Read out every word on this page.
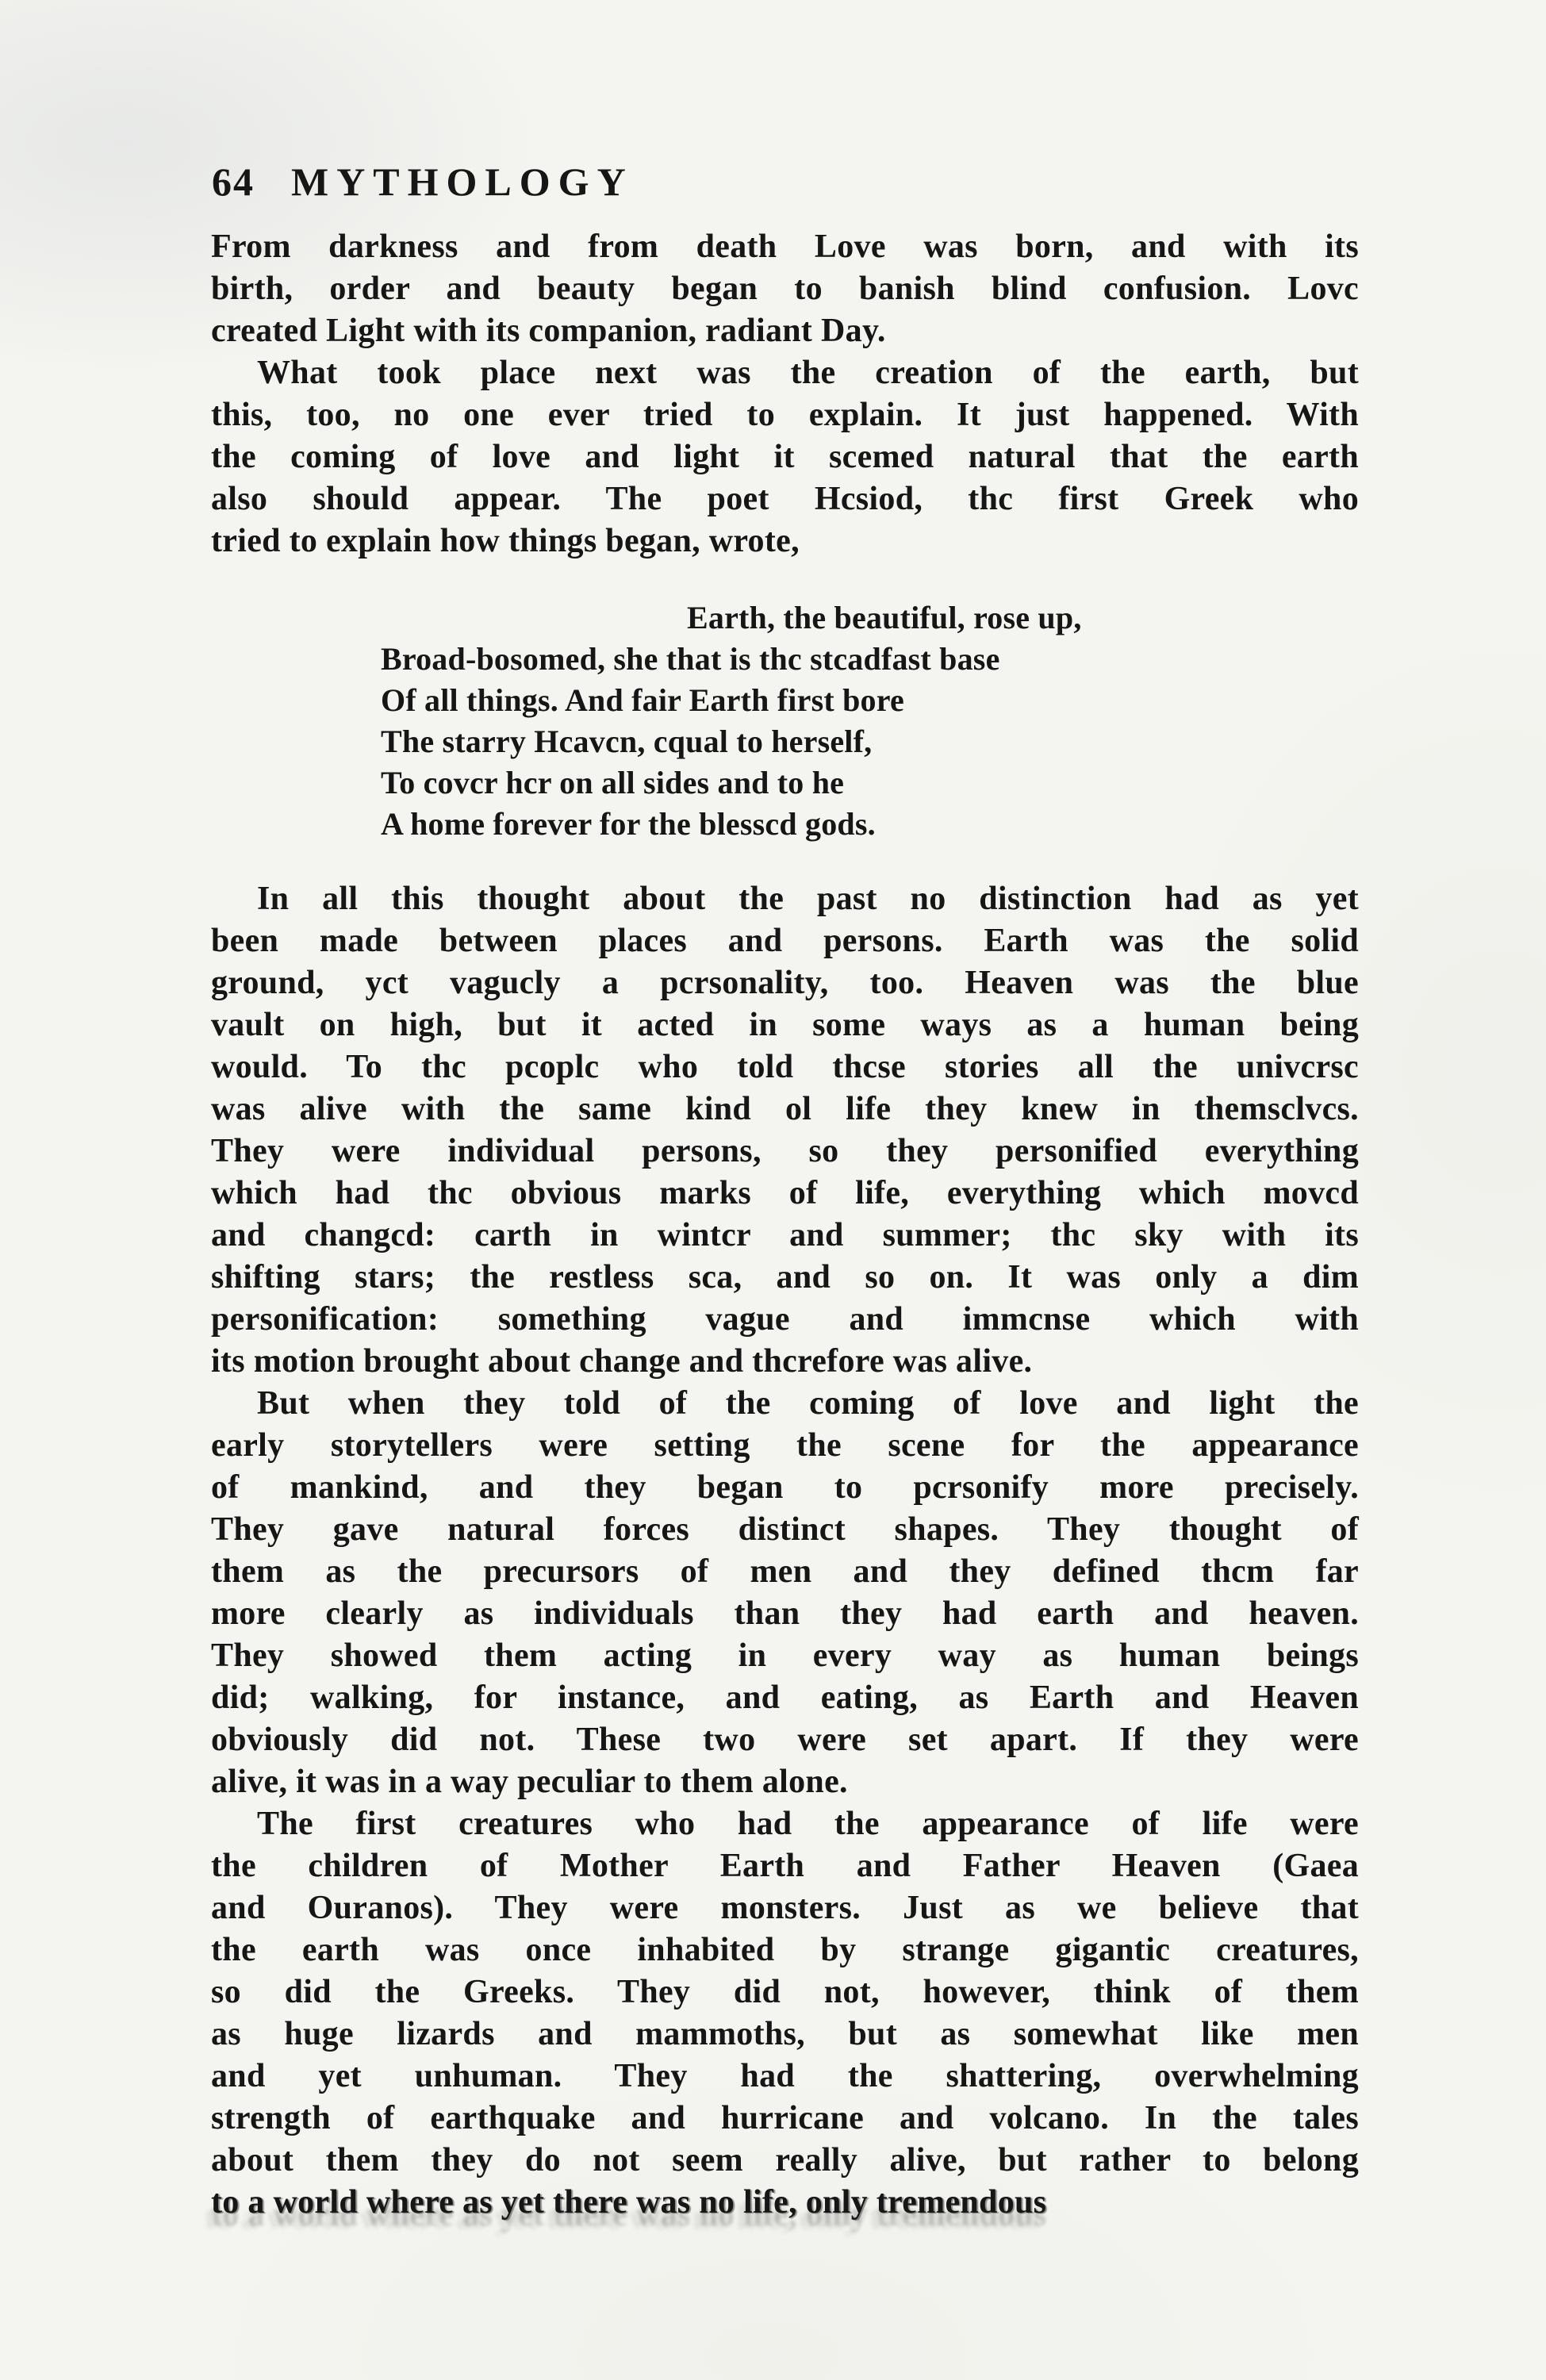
64 MYTHOLOGY
From darkness and from death Love was born, and with its
birth, order and beauty began to banish blind confusion. Lovc
created Light with its companion, radiant Day.
What took place next was the creation of the earth, but
this, too, no one ever tried to explain. It just happened. With
the coming of love and light it scemed natural that the earth
also should appear. The poet Hcsiod, thc first Greek who
tried to explain how things began, wrote,
Earth, the beautiful, rose up,
Broad-bosomed, she that is thc stcadfast base
Of all things. And fair Earth first bore
The starry Hcavcn, cqual to herself,
To covcr hcr on all sides and to he
A home forever for the blesscd gods.
In all this thought about the past no distinction had as yet
been made between places and persons. Earth was the solid
ground, yct vagucly a pcrsonality, too. Heaven was the blue
vault on high, but it acted in some ways as a human being
would. To thc pcoplc who told thcse stories all the univcrsc
was alive with the same kind ol life they knew in themsclvcs.
They were individual persons, so they personified everything
which had thc obvious marks of life, everything which movcd
and changcd: carth in wintcr and summer; thc sky with its
shifting stars; the restless sca, and so on. It was only a dim
personification: something vague and immcnse which with
its motion brought about change and thcrefore was alive.
But when they told of the coming of love and light the
early storytellers were setting the scene for the appearance
of mankind, and they began to pcrsonify more precisely.
They gave natural forces distinct shapes. They thought of
them as the precursors of men and they defined thcm far
more clearly as individuals than they had earth and heaven.
They showed them acting in every way as human beings
did; walking, for instance, and eating, as Earth and Heaven
obviously did not. These two were set apart. If they were
alive, it was in a way peculiar to them alone.
The first creatures who had the appearance of life were
the children of Mother Earth and Father Heaven (Gaea
and Ouranos). They were monsters. Just as we believe that
the earth was once inhabited by strange gigantic creatures,
so did the Greeks. They did not, however, think of them
as huge lizards and mammoths, but as somewhat like men
and yet unhuman. They had the shattering, overwhelming
strength of earthquake and hurricane and volcano. In the tales
about them they do not seem really alive, but rather to belong
to a world where as yet there was no life, only tremendous
